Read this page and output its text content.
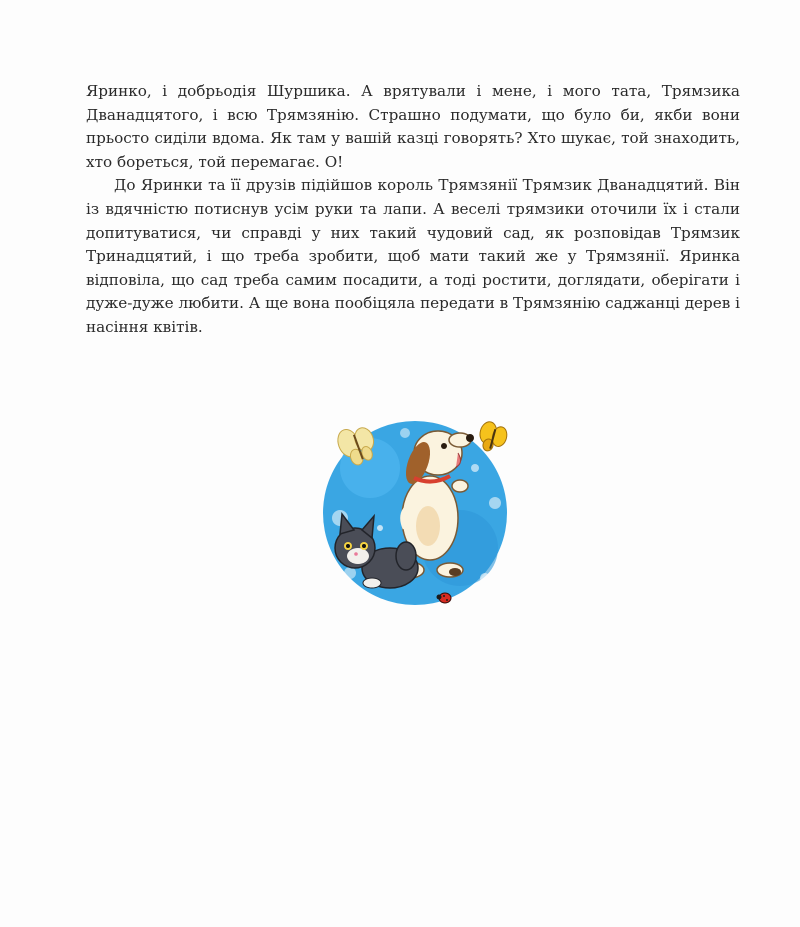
Яринко, і добрьодія Шуршика. А врятували і мене, і мого тата, Трямзика Дванадцятого, і всю Трямзянію. Страшно подумати, що було би, якби вони прьосто сиділи вдома. Як там у вашій казці говорять? Хто шукає, той знаходить, хто бореться, той перемагає. О!

До Яринки та її друзів підійшов король Трямзянії Трямзик Дванадцятий. Він із вдячністю потиснув усім руки та лапи. А веселі трямзики оточили їх і стали допитуватися, чи справді у них такий чудовий сад, як розповідав Трямзик Тринадцятий, і що треба зробити, щоб мати такий же у Трямзянії. Яринка відповіла, що сад треба самим посадити, а тоді ростити, доглядати, оберігати і дуже-дуже любити. А ще вона пообіцяла передати в Трямзянію саджанці дерев і насіння квітів.
